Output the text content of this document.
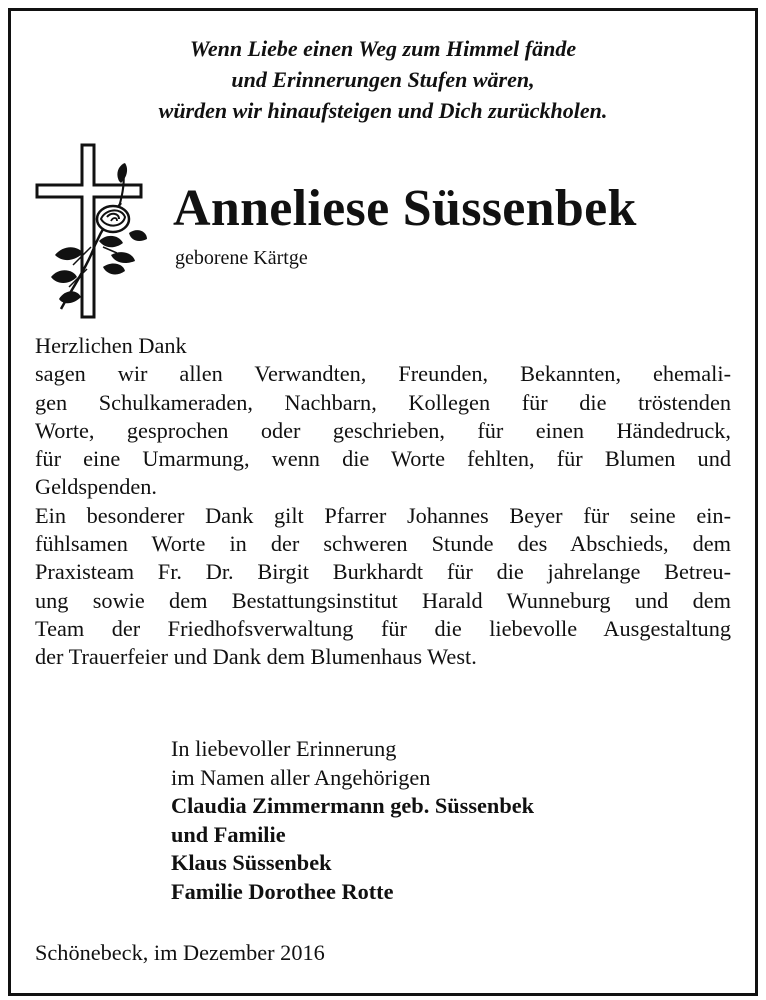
Wenn Liebe einen Weg zum Himmel fände
und Erinnerungen Stufen wären,
würden wir hinaufsteigen und Dich zurückholen.
Anneliese Süssenbek
geborene Kärtge
Herzlichen Dank
sagen wir allen Verwandten, Freunden, Bekannten, ehemali-
gen Schulkameraden, Nachbarn, Kollegen für die tröstenden
Worte, gesprochen oder geschrieben, für einen Händedruck,
für eine Umarmung, wenn die Worte fehlten, für Blumen und
Geldspenden.
Ein besonderer Dank gilt Pfarrer Johannes Beyer für seine ein-
fühlsamen Worte in der schweren Stunde des Abschieds, dem
Praxisteam Fr. Dr. Birgit Burkhardt für die jahrelange Betreu-
ung sowie dem Bestattungsinstitut Harald Wunneburg und dem
Team der Friedhofsverwaltung für die liebevolle Ausgestaltung
der Trauerfeier und Dank dem Blumenhaus West.
In liebevoller Erinnerung
im Namen aller Angehörigen
Claudia Zimmermann geb. Süssenbek
und Familie
Klaus Süssenbek
Familie Dorothee Rotte
Schönebeck, im Dezember 2016
